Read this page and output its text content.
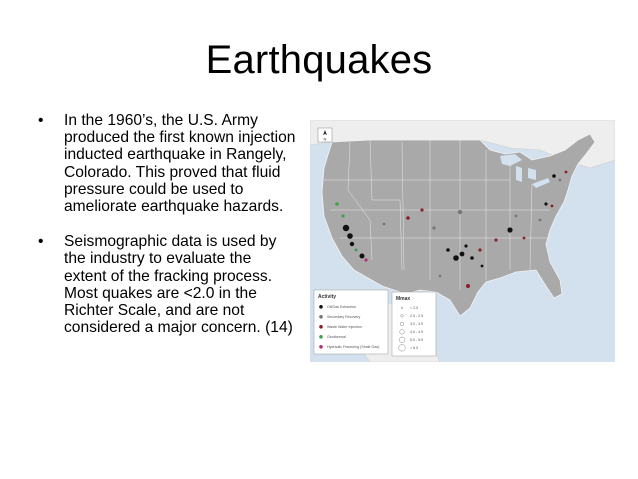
Earthquakes
• In the 1960’s, the U.S. Army produced the first known injection inducted earthquake in Rangely, Colorado. This proved that fluid pressure could be used to ameliorate earthquake hazards.
• Seismographic data is used by the industry to evaluate the extent of the fracking process. Most quakes are <2.0 in the Richter Scale, and are not considered a major concern. (14)
N
Activity
Oil/Gas Extraction
Secondary Recovery
Waste Water Injection
Geothermal
Hydraulic Fracturing (Shale Gas)
Mmax
< 2.0
2.0 - 2.9
3.0 - 3.9
4.0 - 4.9
5.0 - 5.9
> 6.0
